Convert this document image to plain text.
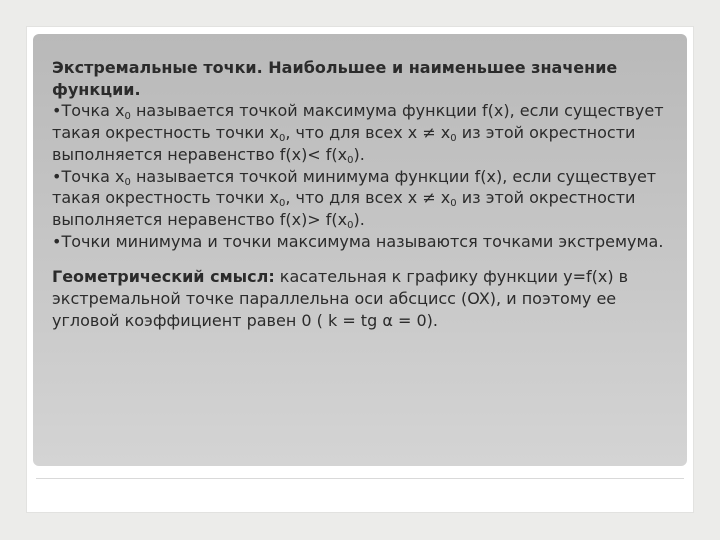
Экстремальные точки. Наибольшее и наименьшее значение функции.

•Точка $x_0$ называется точкой максимума функции f(x), если существует такая окрестность точки $x_0$, что для всех $x \ne x_0$ из этой окрестности выполняется неравенство $f(x)< f(x_0)$.

•Точка $x_0$ называется точкой минимума функции f(x), если существует такая окрестность точки $x_0$, что для всех $x \ne x_0$ из этой окрестности выполняется неравенство $f(x)> f(x_0)$.

•Точки минимума и точки максимума называются точками экстремума.

Геометрический смысл: касательная к графику функции y=f(x) в экстремальной точке параллельна оси абсцисс (OX), и поэтому ее угловой коэффициент равен 0 ( k = tg α = 0).
